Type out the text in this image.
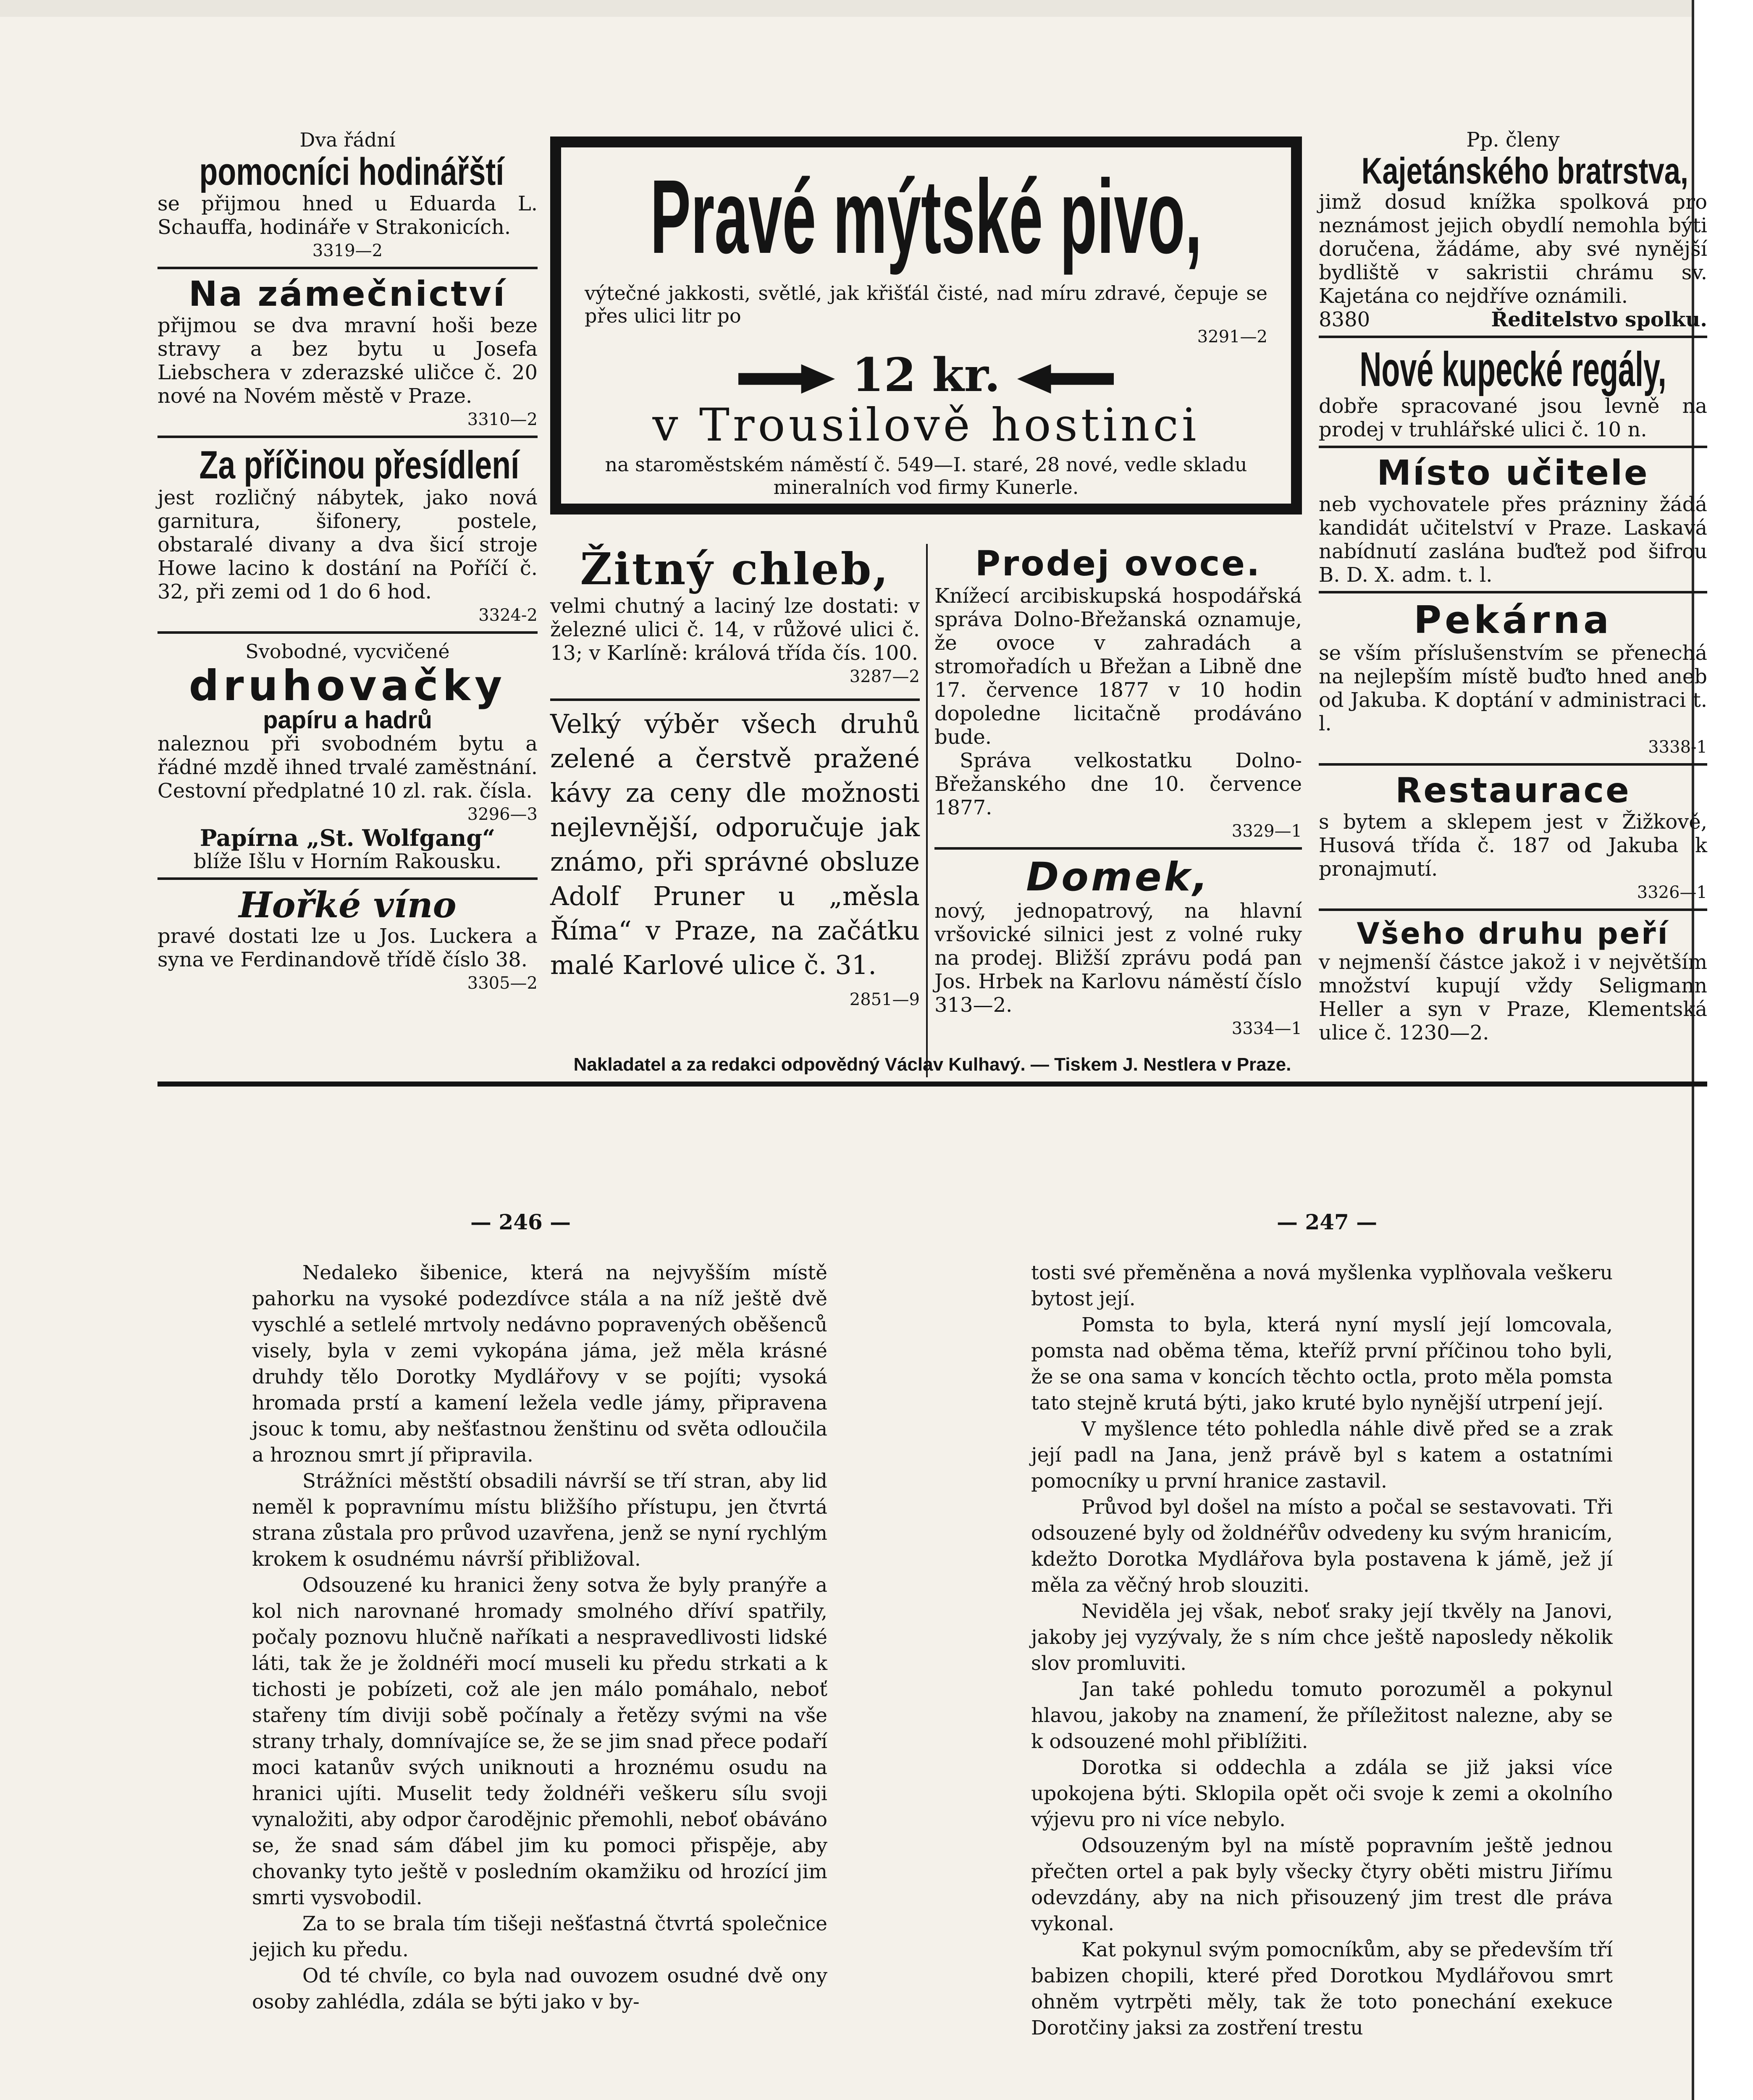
Dva řádní
pomocníci hodinářští
se přijmou hned u Eduarda L. Schauffa, hodináře v Strakonicích.
3319—2
Na zámečnictví
přijmou se dva mravní hoši beze stravy a bez bytu u Josefa Liebschera v zderazské uličce č. 20 nové na Novém městě v Praze.
3310—2
Za příčinou přesídlení
jest rozličný nábytek, jako nová garnitura, šifonery, postele, obstaralé divany a dva šicí stroje Howe lacino k dostání na Poříčí č. 32, při zemi od 1 do 6 hod.
3324-2
Svobodné, vycvičené
druhovačky
papíru a hadrů
naleznou při svobodném bytu a řádné mzdě ihned trvalé zaměstnání. Cestovní předplatné 10 zl. rak. čísla.
3296—3
Papírna „St. Wolfgang“
blíže Išlu v Horním Rakousku.
Hořké víno
pravé dostati lze u Jos. Luckera a syna ve Ferdinandově třídě číslo 38.
3305—2
Pravé mýtské pivo,
výtečné jakkosti, světlé, jak křišťál čisté, nad míru zdravé, čepuje se přes ulici litr po
3291—2
12 kr.
v Trousilově hostinci
na staroměstském náměstí č. 549—I. staré, 28 nové, vedle skladu mineralních vod firmy Kunerle.
Žitný chleb,
velmi chutný a laciný lze dostati: v železné ulici č. 14, v růžové ulici č. 13; v Karlíně: králová třída čís. 100.
3287—2
Velký výběr všech druhů zelené a čerstvě pražené kávy za ceny dle možnosti nejlevnější, odporučuje jak známo, při správné obsluze Adolf Pruner u „měsla Říma“ v Praze, na začátku malé Karlové ulice č. 31.
2851—9
Prodej ovoce.
Knížecí arcibiskupská hospodářská správa Dolno-Břežanská oznamuje, že ovoce v zahradách a stromořadích u Břežan a Libně dne 17. července 1877 v 10 hodin dopoledne licitačně prodáváno bude.
Správa velkostatku Dolno-Břežanského dne 10. července 1877.
3329—1
Domek,
nový, jednopatrový, na hlavní vršovické silnici jest z volné ruky na prodej. Bližší zprávu podá pan Jos. Hrbek na Karlovu náměstí číslo 313—2.
3334—1
Pp. členy
Kajetánského bratrstva,
jimž dosud knížka spolková pro neznámost jejich obydlí nemohla býti doručena, žádáme, aby své nynější bydliště v sakristii chrámu sv. Kajetána co nejdříve oznámili.
8380	Ředitelstvo spolku.
Nové kupecké regály,
dobře spracované jsou levně na prodej v truhlářské ulici č. 10 n.
Místo učitele
neb vychovatele přes prázniny žádá kandidát učitelství v Praze. Laskavá nabídnutí zaslána buďtež pod šifrou B. D. X. adm. t. l.
Pekárna
se vším příslušenstvím se přenechá na nejlepším místě buďto hned aneb od Jakuba. K doptání v administraci t. l.
3338-1
Restaurace
s bytem a sklepem jest v Žižkově, Husová třída č. 187 od Jakuba k pronajmutí.
3326—1
Všeho druhu peří
v nejmenší částce jakož i v největším množství kupují vždy Seligmann Heller a syn v Praze, Klementská ulice č. 1230—2.
Nakladatel a za redakci odpovědný Václav Kulhavý. — Tiskem J. Nestlera v Praze.
— 246 —	— 247 —

Nedaleko šibenice, která na nejvyšším místě pahorku na vysoké podezdívce stála a na níž ještě dvě vyschlé a setlelé mrtvoly nedávno popravených oběšenců visely, byla v zemi vykopána jáma, jež měla krásné druhdy tělo Dorotky Mydlářovy v se pojíti; vysoká hromada prstí a kamení ležela vedle jámy, připravena jsouc k tomu, aby nešťastnou ženštinu od světa odloučila a hroznou smrt jí připravila.

Strážníci městští obsadili návrší se tří stran, aby lid neměl k popravnímu místu bližšího přístupu, jen čtvrtá strana zůstala pro průvod uzavřena, jenž se nyní rychlým krokem k osudnému návrší přibližoval.

Odsouzené ku hranici ženy sotva že byly pranýře a kol nich narovnané hromady smolného dříví spatřily, počaly poznovu hlučně naříkati a nespravedlivosti lidské láti, tak že je žoldnéři mocí museli ku předu strkati a k tichosti je pobízeti, což ale jen málo pomáhalo, neboť stařeny tím diviji sobě počínaly a řetězy svými na vše strany trhaly, domnívajíce se, že se jim snad přece podaří moci katanův svých uniknouti a hroznému osudu na hranici ujíti. Muselit tedy žoldnéři veškeru sílu svoji vynaložiti, aby odpor čarodějnic přemohli, neboť obáváno se, že snad sám ďábel jim ku pomoci přispěje, aby chovanky tyto ještě v posledním okamžiku od hrozící jim smrti vysvobodil.

Za to se brala tím tišeji nešťastná čtvrtá společnice jejich ku předu.

Od té chvíle, co byla nad ouvozem osudné dvě ony osoby zahlédla, zdála se býti jako v by-

tosti své přeměněna a nová myšlenka vyplňovala veškeru bytost její.

Pomsta to byla, která nyní myslí její lomcovala, pomsta nad oběma těma, kteříž první příčinou toho byli, že se ona sama v koncích těchto octla, proto měla pomsta tato stejně krutá býti, jako kruté bylo nynější utrpení její.

V myšlence této pohledla náhle divě před se a zrak její padl na Jana, jenž právě byl s katem a ostatními pomocníky u první hranice zastavil.

Průvod byl došel na místo a počal se sestavovati. Tři odsouzené byly od žoldnéřův odvedeny ku svým hranicím, kdežto Dorotka Mydlářova byla postavena k jámě, jež jí měla za věčný hrob slouziti.

Neviděla jej však, neboť sraky její tkvěly na Janovi, jakoby jej vyzývaly, že s ním chce ještě naposledy několik slov promluviti.

Jan také pohledu tomuto porozuměl a pokynul hlavou, jakoby na znamení, že příležitost nalezne, aby se k odsouzené mohl přiblížiti.

Dorotka si oddechla a zdála se již jaksi více upokojena býti. Sklopila opět oči svoje k zemi a okolního výjevu pro ni více nebylo.

Odsouzeným byl na místě popravním ještě jednou přečten ortel a pak byly všecky čtyry oběti mistru Jiřímu odevzdány, aby na nich přisouzený jim trest dle práva vykonal.

Kat pokynul svým pomocníkům, aby se především tří babizen chopili, které před Dorotkou Mydlářovou smrt ohněm vytrpěti měly, tak že toto ponechání exekuce Dorotčiny jaksi za zostření trestu
